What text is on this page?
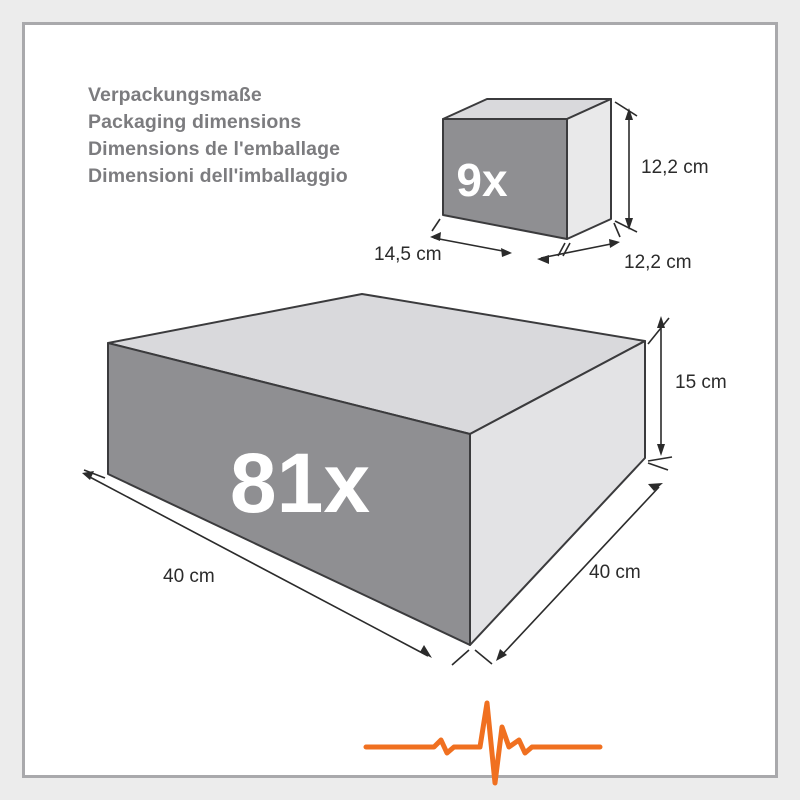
Verpackungsmaße
Packaging dimensions
Dimensions de l'emballage
Dimensioni dell'imballaggio 9x	12,2 cm
14,5 cm	12,2 cm
81x
15 cm
40 cm	40 cm
